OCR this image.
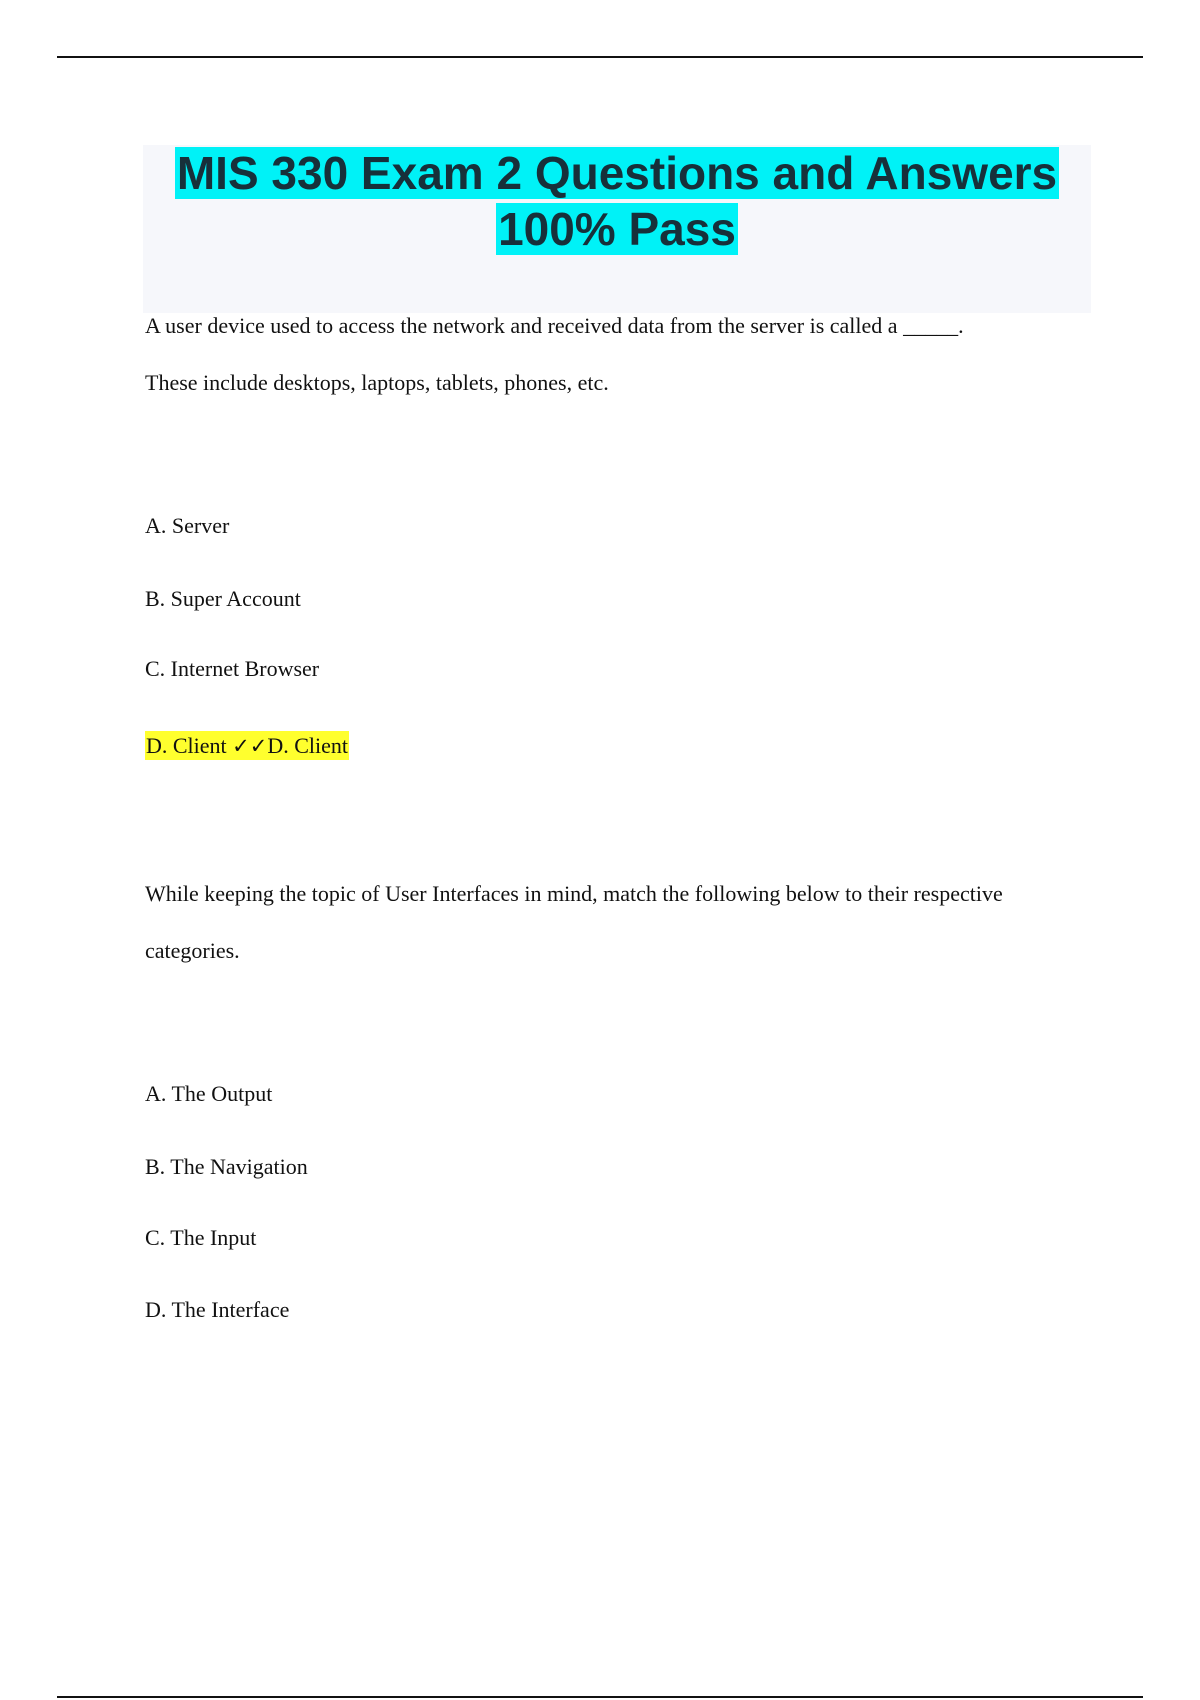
MIS 330 Exam 2 Questions and Answers
100% Pass

A user device used to access the network and received data from the server is called a _____.

These include desktops, laptops, tablets, phones, etc.

A. Server

B. Super Account

C. Internet Browser

D. Client ✓✓D. Client

While keeping the topic of User Interfaces in mind, match the following below to their respective

categories.

A. The Output

B. The Navigation

C. The Input

D. The Interface
